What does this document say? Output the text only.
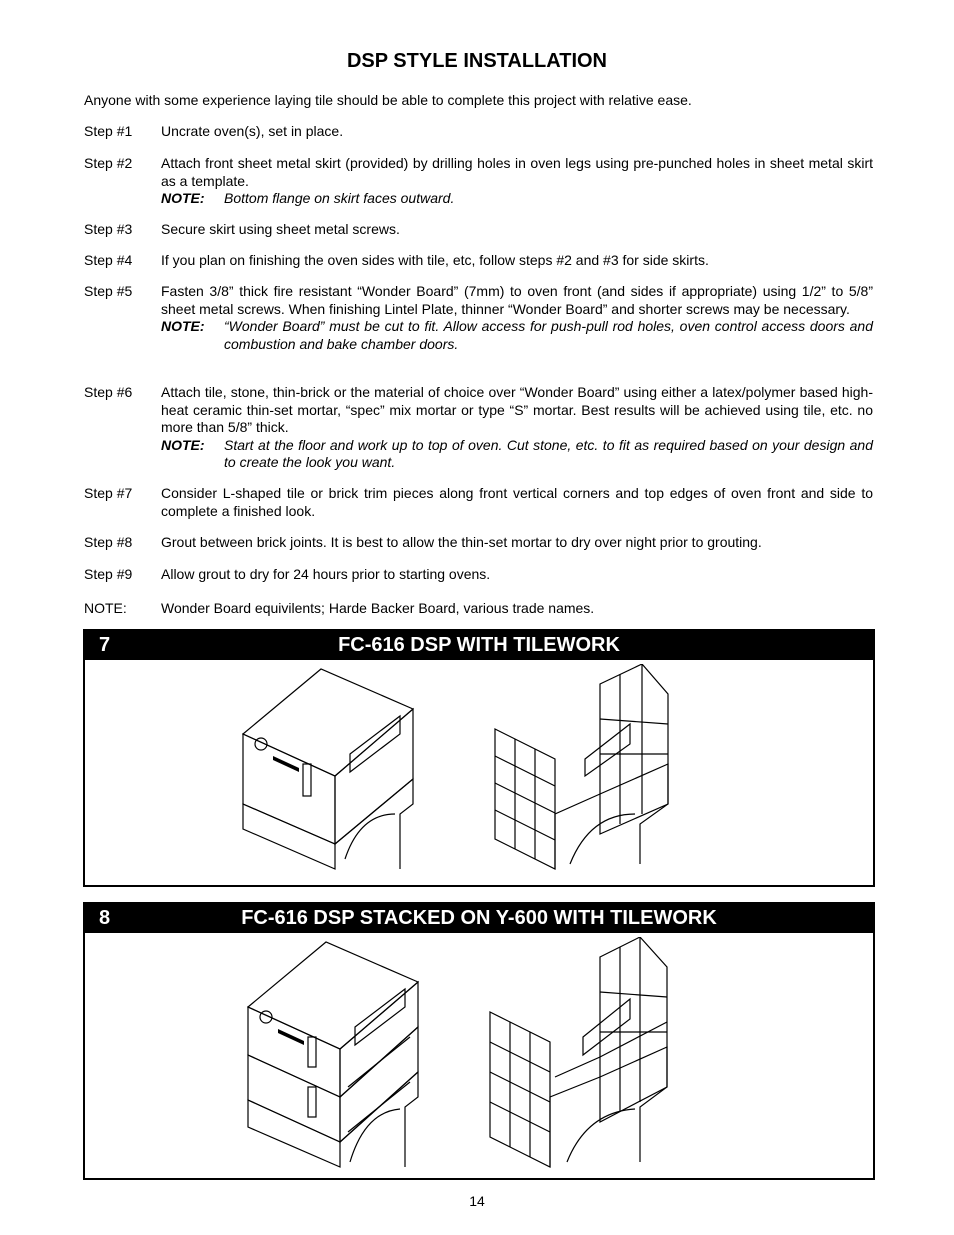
DSP STYLE INSTALLATION
Anyone with some experience laying tile should be able to complete this project with relative ease.
Step #1 Uncrate oven(s), set in place.
Step #2 Attach front sheet metal skirt (provided) by drilling holes in oven legs using pre-punched holes in sheet metal skirt as a template.
NOTE:	Bottom flange on skirt faces outward.
Step #3 Secure skirt using sheet metal screws.
Step #4 If you plan on finishing the oven sides with tile, etc, follow steps #2 and #3 for side skirts.
Step #5 Fasten 3/8” thick fire resistant “Wonder Board” (7mm) to oven front (and sides if appropriate) using 1/2” to 5/8” sheet metal screws. When finishing Lintel Plate, thinner “Wonder Board” and shorter screws may be necessary.
NOTE:	“Wonder Board” must be cut to fit. Allow access for push-pull rod holes, oven control access doors and combustion and bake chamber doors.
Step #6 Attach tile, stone, thin-brick or the material of choice over “Wonder Board” using either a latex/polymer based high-heat ceramic thin-set mortar, “spec” mix mortar or type “S” mortar. Best results will be achieved using tile, etc. no more than 5/8” thick.
NOTE:	Start at the floor and work up to top of oven. Cut stone, etc. to fit as required based on your design and to create the look you want.
Step #7 Consider L-shaped tile or brick trim pieces along front vertical corners and top edges of oven front and side to complete a finished look.
Step #8 Grout between brick joints. It is best to allow the thin-set mortar to dry over night prior to grouting.
Step #9 Allow grout to dry for 24 hours prior to starting ovens.
NOTE: Wonder Board equivilents; Harde Backer Board, various trade names.
7	FC-616 DSP WITH TILEWORK
8	FC-616 DSP STACKED ON Y-600 WITH TILEWORK
14
